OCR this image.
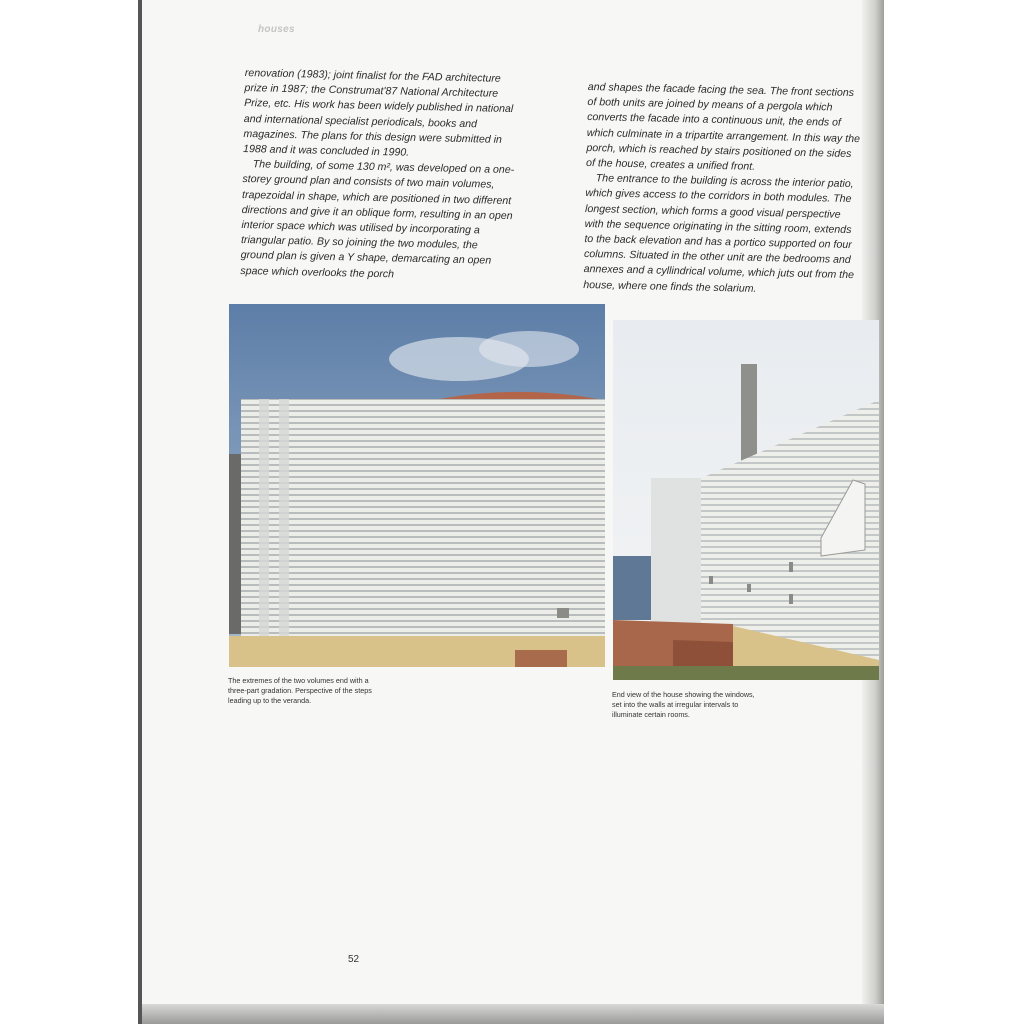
houses

renovation (1983); joint finalist for the FAD architecture prize in 1987; the Construmat'87 National Architecture Prize, etc. His work has been widely published in national and international specialist periodicals, books and magazines. The plans for this design were submitted in 1988 and it was concluded in 1990.

The building, of some 130 m², was developed on a one-storey ground plan and consists of two main volumes, trapezoidal in shape, which are positioned in two different directions and give it an oblique form, resulting in an open interior space which was utilised by incorporating a triangular patio. By so joining the two modules, the ground plan is given a Y shape, demarcating an open space which overlooks the porch

and shapes the facade facing the sea. The front sections of both units are joined by means of a pergola which converts the facade into a continuous unit, the ends of which culminate in a tripartite arrangement. In this way the porch, which is reached by stairs positioned on the sides of the house, creates a unified front.

The entrance to the building is across the interior patio, which gives access to the corridors in both modules. The longest section, which forms a good visual perspective with the sequence originating in the sitting room, extends to the back elevation and has a portico supported on four columns. Situated in the other unit are the bedrooms and annexes and a cyllindrical volume, which juts out from the house, where one finds the solarium.

The extremes of the two volumes end with a three-part gradation. Perspective of the steps leading up to the veranda.
End view of the house showing the windows, set into the walls at irregular intervals to illuminate certain rooms.
52
